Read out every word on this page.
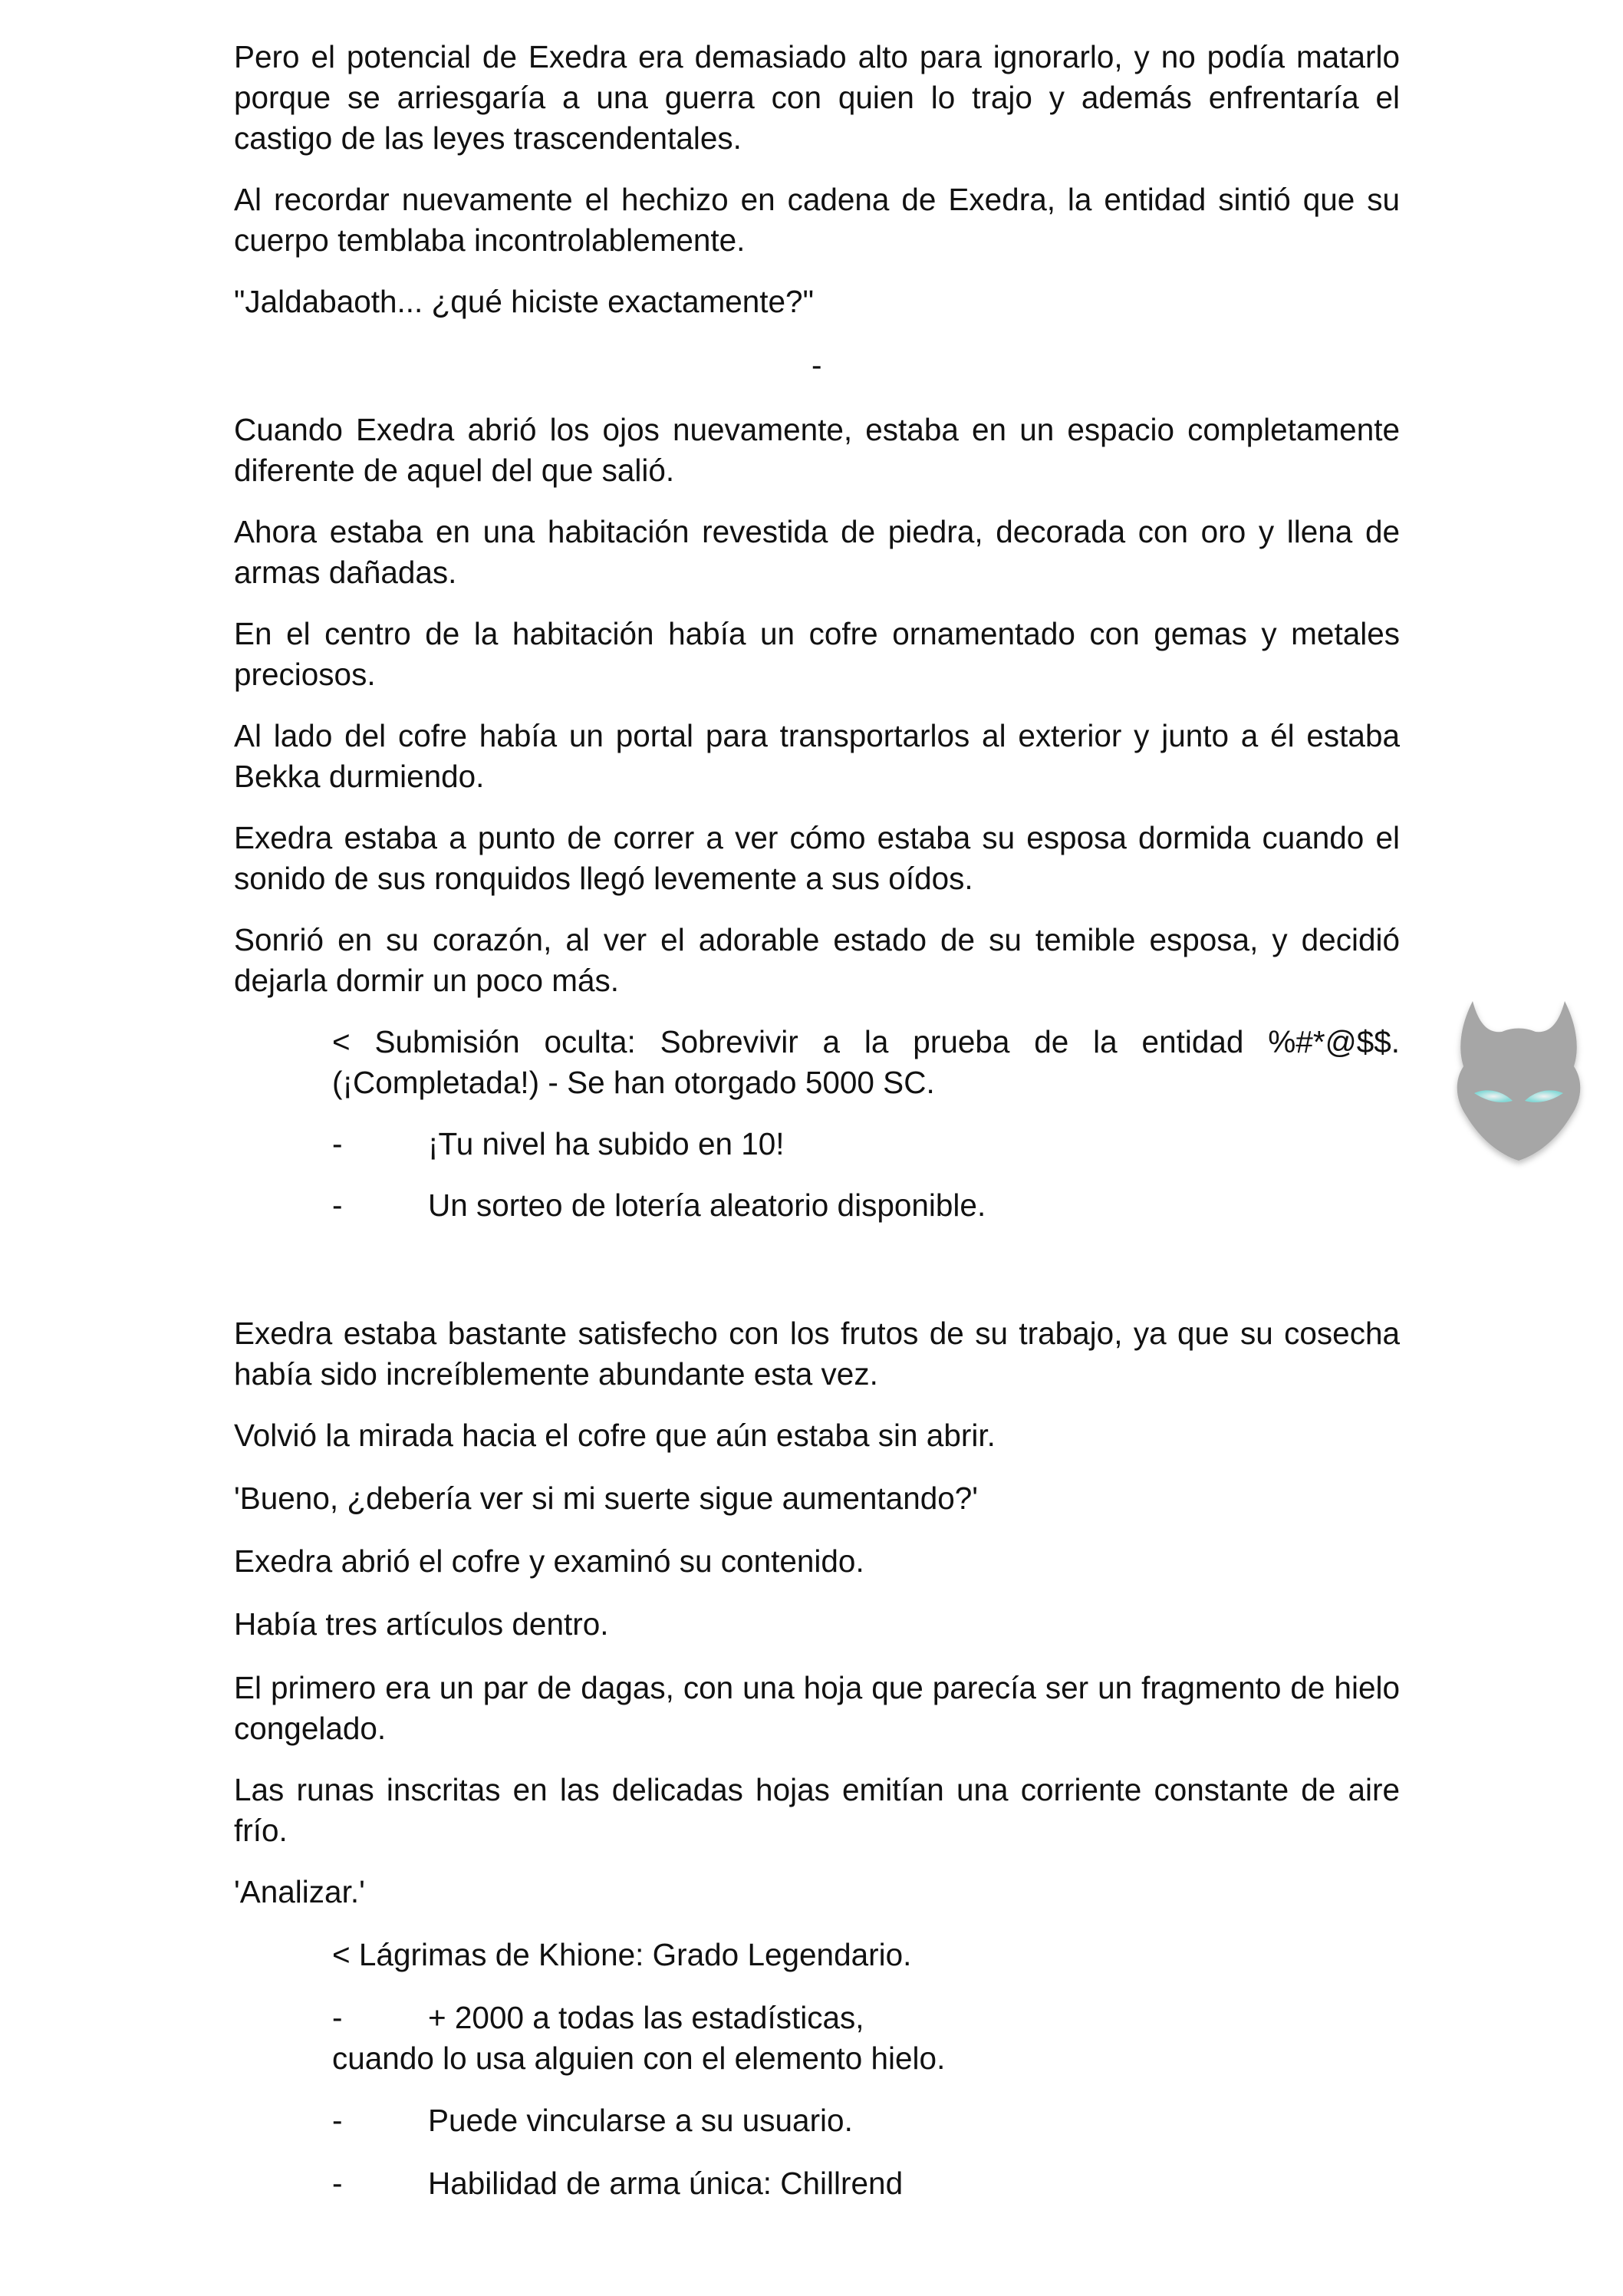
Pero el potencial de Exedra era demasiado alto para ignorarlo, y no podía matarlo porque se arriesgaría a una guerra con quien lo trajo y además enfrentaría el castigo de las leyes trascendentales.

Al recordar nuevamente el hechizo en cadena de Exedra, la entidad sintió que su cuerpo temblaba incontrolablemente.

"Jaldabaoth... ¿qué hiciste exactamente?"

-

Cuando Exedra abrió los ojos nuevamente, estaba en un espacio completamente diferente de aquel del que salió.

Ahora estaba en una habitación revestida de piedra, decorada con oro y llena de armas dañadas.

En el centro de la habitación había un cofre ornamentado con gemas y metales preciosos.

Al lado del cofre había un portal para transportarlos al exterior y junto a él estaba Bekka durmiendo.

Exedra estaba a punto de correr a ver cómo estaba su esposa dormida cuando el sonido de sus ronquidos llegó levemente a sus oídos.

Sonrió en su corazón, al ver el adorable estado de su temible esposa, y decidió dejarla dormir un poco más.

< Submisión oculta: Sobrevivir a la prueba de la entidad %#*@$$. (¡Completada!) - Se han otorgado 5000 SC.

-	¡Tu nivel ha subido en 10!
-	Un sorteo de lotería aleatorio disponible.

Exedra estaba bastante satisfecho con los frutos de su trabajo, ya que su cosecha había sido increíblemente abundante esta vez.

Volvió la mirada hacia el cofre que aún estaba sin abrir.

'Bueno, ¿debería ver si mi suerte sigue aumentando?'

Exedra abrió el cofre y examinó su contenido.

Había tres artículos dentro.

El primero era un par de dagas, con una hoja que parecía ser un fragmento de hielo congelado.

Las runas inscritas en las delicadas hojas emitían una corriente constante de aire frío.

'Analizar.'

< Lágrimas de Khione: Grado Legendario.

-	+ 2000 a todas las estadísticas,
cuando lo usa alguien con el elemento hielo.
-	Puede vincularse a su usuario.
-	Habilidad de arma única: Chillrend
